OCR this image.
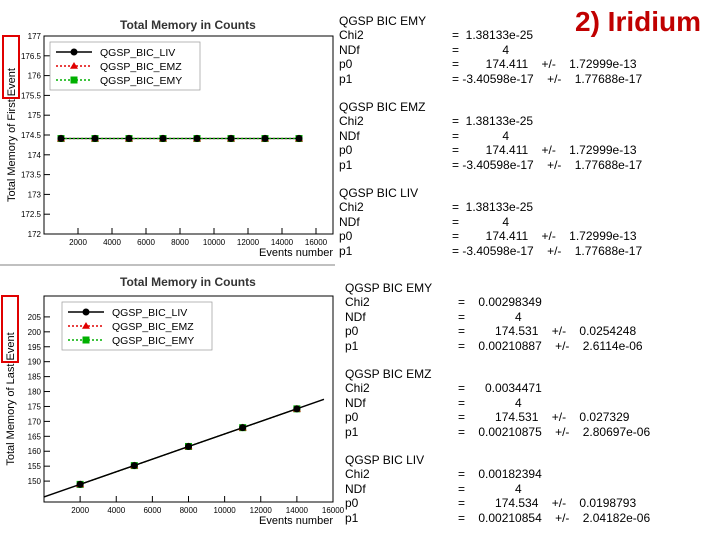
2) Iridium
Total Memory in Counts
Total Memory of First Event
Events number
2000 4000 6000 8000 10000 12000 14000 16000
172
172.5
173
173.5
174
174.5
175
175.5
176
176.5
177
QGSP_BIC_LIV
QGSP_BIC_EMZ
QGSP_BIC_EMY
Total Memory in Counts
Total Memory of Last Event
Events number
2000 4000 6000 8000 10000 12000 14000 16000
150
155
160
165
170
175
180
185
190
195
200
205	QGSP_BIC_LIV
QGSP_BIC_EMZ
QGSP_BIC_EMY
QGSP BIC EMY
Chi2	=  1.38133e-25
NDf	=             4
p0	=        174.411    +/-    1.72999e-13
p1	= -3.40598e-17    +/-    1.77688e-17
QGSP BIC EMZ
Chi2	=  1.38133e-25
NDf	=             4
p0	=        174.411    +/-    1.72999e-13
p1	= -3.40598e-17    +/-    1.77688e-17
QGSP BIC LIV
Chi2	=  1.38133e-25
NDf	=             4
p0	=        174.411    +/-    1.72999e-13
p1	= -3.40598e-17    +/-    1.77688e-17
QGSP BIC EMY
Chi2	=    0.00298349
NDf	=               4
p0	=         174.531    +/-    0.0254248
p1	=    0.00210887    +/-    2.6114e-06
QGSP BIC EMZ
Chi2	=      0.0034471
NDf	=               4
p0	=         174.531    +/-    0.027329
p1	=    0.00210875    +/-    2.80697e-06
QGSP BIC LIV
Chi2	=    0.00182394
NDf	=               4
p0	=         174.534    +/-    0.0198793
p1	=    0.00210854    +/-    2.04182e-06
